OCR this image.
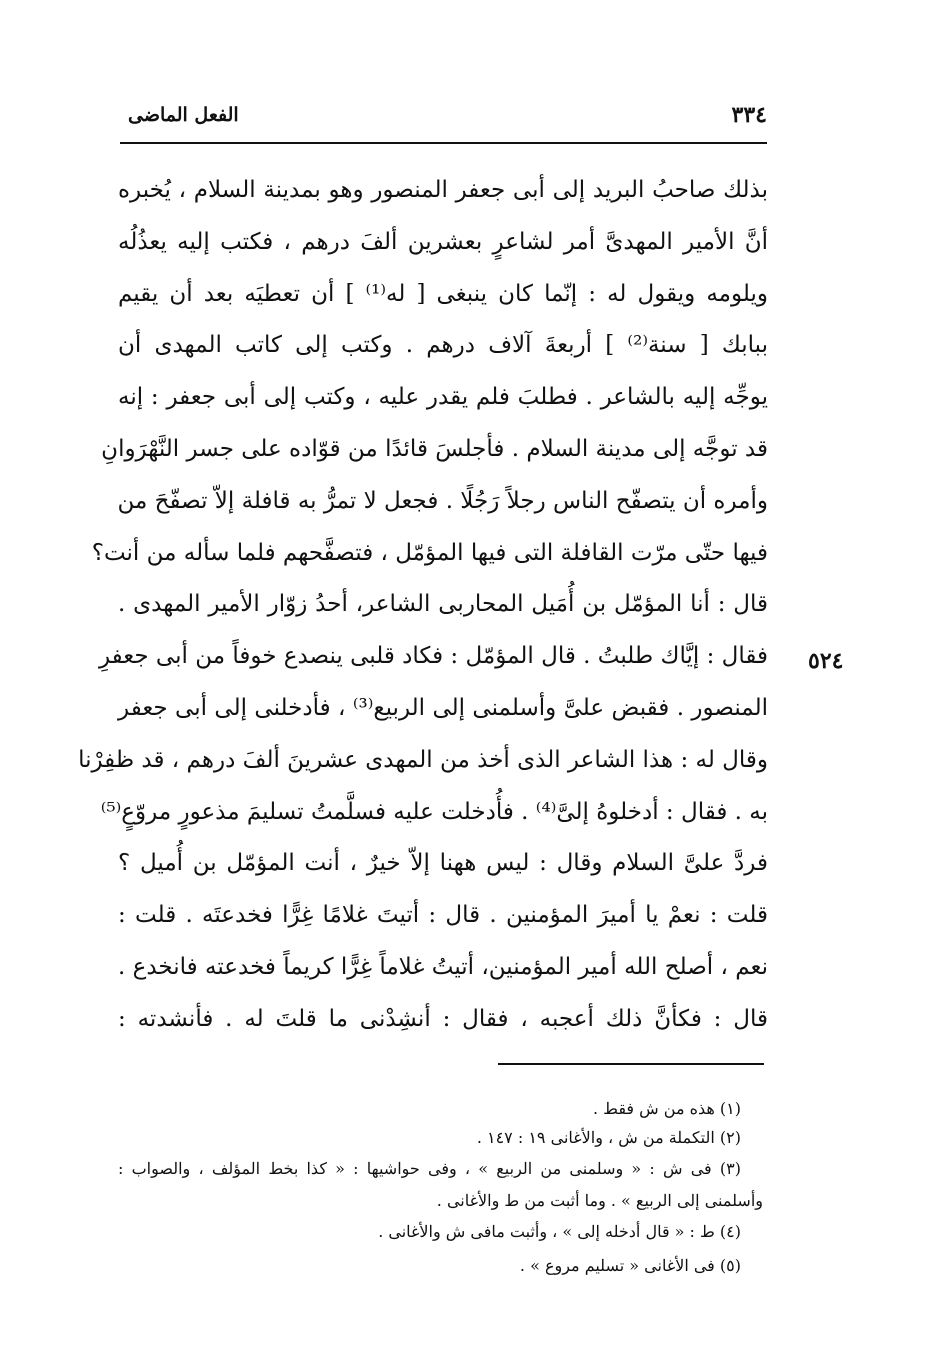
٣٣٤
الفعل الماضى
بذلك صاحبُ البريد إلى أبى جعفر المنصور وهو بمدينة السلام ، يُخبره
أنَّ الأمير المهدىَّ أمر لشاعرٍ بعشرين ألفَ درهم ، فكتب إليه يعذُلُه
ويلومه ويقول له : إنّما كان ينبغى [ له⁽¹⁾ ] أن تعطيَه بعد أن يقيم
ببابك [ سنة⁽²⁾ ] أربعةَ آلاف درهم . وكتب إلى كاتب المهدى أن
يوجِّه إليه بالشاعر . فطلبَ فلم يقدر عليه ، وكتب إلى أبى جعفر : إنه
قد توجَّه إلى مدينة السلام . فأجلسَ قائدًا من قوّاده على جسر النَّهْرَوانِ
وأمره أن يتصفّح الناس رجلاً رَجُلًا . فجعل لا تمرُّ به قافلة إلاّ تصفّحَ من
فيها حتّى مرّت القافلة التى فيها المؤمّل ، فتصفَّحهم فلما سأله من أنت؟
قال : أنا المؤمّل بن أُمَيل المحاربى الشاعر، أحدُ زوّار الأمير المهدى .
فقال : إيَّاك طلبتُ . قال المؤمّل : فكاد قلبى ينصدع خوفاً من أبى جعفرِ
المنصور . فقبض علىَّ وأسلمنى إلى الربيع⁽³⁾ ، فأدخلنى إلى أبى جعفر
وقال له : هذا الشاعر الذى أخذ من المهدى عشرينَ ألفَ درهم ، قد ظفِرْنا
به . فقال : أدخلوهُ إلىَّ⁽⁴⁾ . فأُدخلت عليه فسلَّمتُ تسليمَ مذعورٍ مروّعٍ⁽⁵⁾
فردَّ علىَّ السلام وقال : ليس ههنا إلاّ خيرٌ ، أنت المؤمّل بن أُميل ؟
قلت : نعمْ يا أميرَ المؤمنين . قال : أتيتَ غلامًا غِرًّا فخدعتَه . قلت :
نعم ، أصلح الله أمير المؤمنين، أتيتُ غلاماً غِرًّا كريماً فخدعته فانخدع .
قال : فكأنَّ ذلك أعجبه ، فقال : أنشِدْنى ما قلتَ له . فأنشدته :
٥٢٤
(١) هذه من ش فقط .
(٢) التكملة من ش ، والأغانى ١٩ : ١٤٧ .
(٣) فى ش : « وسلمنى من الربيع » ، وفى حواشيها : « كذا بخط المؤلف ، والصواب :
وأسلمنى إلى الربيع » . وما أثبت من ط والأغانى .
(٤) ط : « قال أدخله إلى » ، وأثبت مافى ش والأغانى .
(٥) فى الأغانى « تسليم مروع » .
